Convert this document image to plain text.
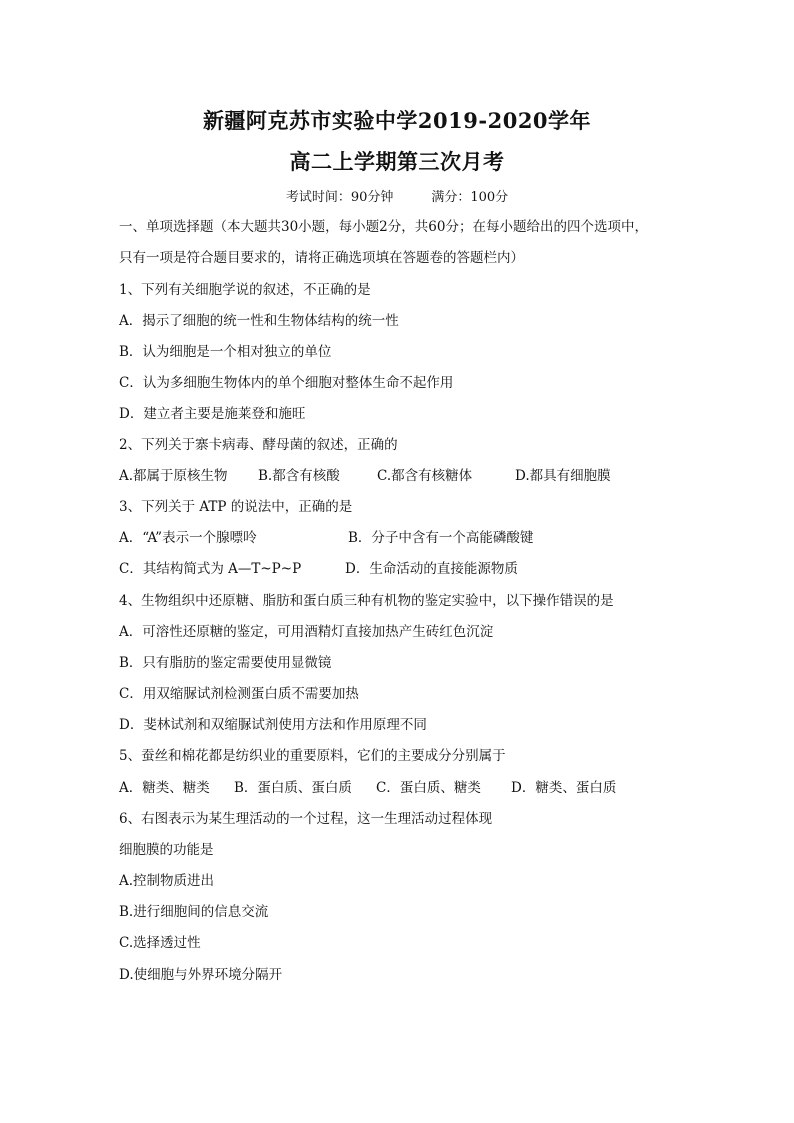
新疆阿克苏市实验中学2019-2020学年
高二上学期第三次月考
考试时间：90分钟	满分：100分
一、单项选择题（本大题共30小题，每小题2分，共60分；在每小题给出的四个选项中，
只有一项是符合题目要求的，请将正确选项填在答题卷的答题栏内）
1、下列有关细胞学说的叙述，不正确的是
A．揭示了细胞的统一性和生物体结构的统一性
B．认为细胞是一个相对独立的单位
C．认为多细胞生物体内的单个细胞对整体生命不起作用
D．建立者主要是施莱登和施旺
2、下列关于寨卡病毒、酵母菌的叙述，正确的
A.都属于原核生物 B.都含有核酸	C.都含有核糖体	D.都具有细胞膜
3、下列关于 ATP 的说法中，正确的是
A．“A”表示一个腺嘌呤	B．分子中含有一个高能磷酸键
C．其结构简式为 A—T~P~P	D．生命活动的直接能源物质
4、生物组织中还原糖、脂肪和蛋白质三种有机物的鉴定实验中，以下操作错误的是
A．可溶性还原糖的鉴定，可用酒精灯直接加热产生砖红色沉淀
B．只有脂肪的鉴定需要使用显微镜
C．用双缩脲试剂检测蛋白质不需要加热
D．斐林试剂和双缩脲试剂使用方法和作用原理不同
5、蚕丝和棉花都是纺织业的重要原料，它们的主要成分分别属于
A．糖类、糖类 B．蛋白质、蛋白质 C．蛋白质、糖类 D．糖类、蛋白质
6、右图表示为某生理活动的一个过程，这一生理活动过程体现
细胞膜的功能是
A.控制物质进出
B.进行细胞间的信息交流
C.选择透过性
D.使细胞与外界环境分隔开
